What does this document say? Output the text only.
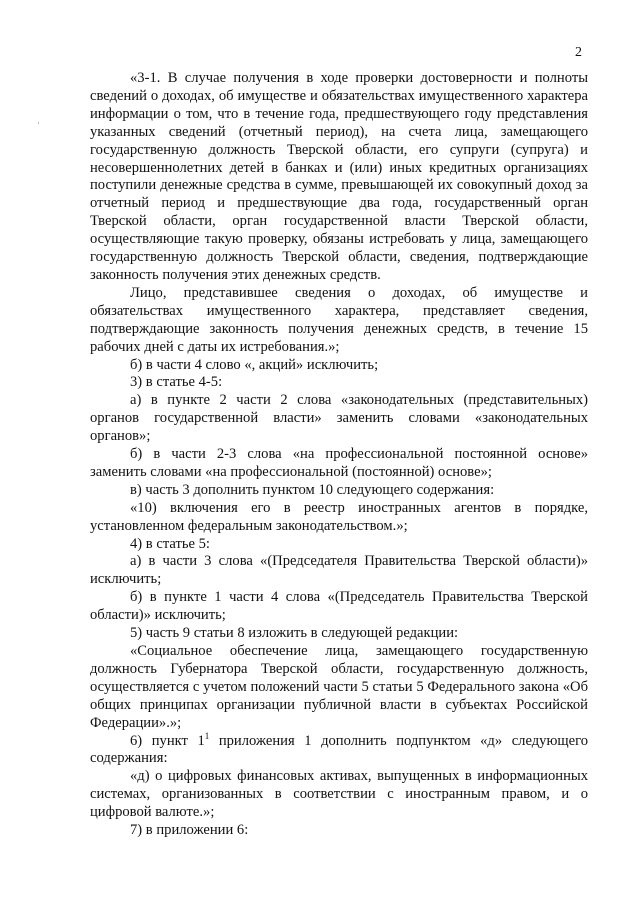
2

«3-1. В случае получения в ходе проверки достоверности и полноты сведений о доходах, об имуществе и обязательствах имущественного характера информации о том, что в течение года, предшествующего году представления указанных сведений (отчетный период), на счета лица, замещающего государственную должность Тверской области, его супруги (супруга) и несовершеннолетних детей в банках и (или) иных кредитных организациях поступили денежные средства в сумме, превышающей их совокупный доход за отчетный период и предшествующие два года, государственный орган Тверской области, орган государственной власти Тверской области, осуществляющие такую проверку, обязаны истребовать у лица, замещающего государственную должность Тверской области, сведения, подтверждающие законность получения этих денежных средств.

Лицо, представившее сведения о доходах, об имуществе и обязательствах имущественного характера, представляет сведения, подтверждающие законность получения денежных средств, в течение 15 рабочих дней с даты их истребования.»;

б) в части 4 слово «, акций» исключить;

3) в статье 4-5:

а) в пункте 2 части 2 слова «законодательных (представительных) органов государственной власти» заменить словами «законодательных органов»;

б) в части 2-3 слова «на профессиональной постоянной основе» заменить словами «на профессиональной (постоянной) основе»;

в) часть 3 дополнить пунктом 10 следующего содержания:

«10) включения его в реестр иностранных агентов в порядке, установленном федеральным законодательством.»;

4) в статье 5:

а) в части 3 слова «(Председателя Правительства Тверской области)» исключить;

б) в пункте 1 части 4 слова «(Председатель Правительства Тверской области)» исключить;

5) часть 9 статьи 8 изложить в следующей редакции:

«Социальное обеспечение лица, замещающего государственную должность Губернатора Тверской области, государственную должность, осуществляется с учетом положений части 5 статьи 5 Федерального закона «Об общих принципах организации публичной власти в субъектах Российской Федерации».»;

6) пункт $1^1$ приложения 1 дополнить подпунктом «д» следующего содержания:

«д) о цифровых финансовых активах, выпущенных в информационных системах, организованных в соответствии с иностранным правом, и о цифровой валюте.»;

7) в приложении 6:
